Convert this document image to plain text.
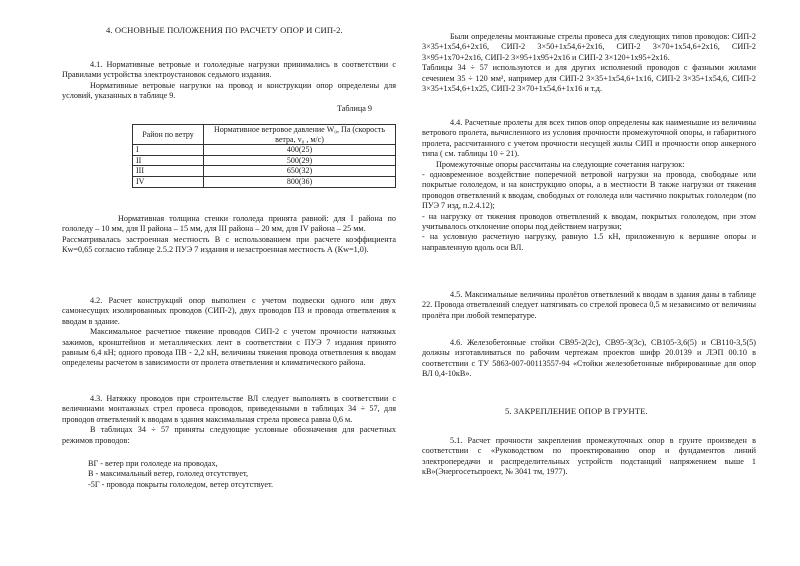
4. ОСНОВНЫЕ ПОЛОЖЕНИЯ ПО РАСЧЕТУ ОПОР И СИП-2.

4.1. Нормативные ветровые и гололедные нагрузки принимались в соответствии с Правилами устройства электроустановок седьмого издания.

Нормативные ветровые нагрузки на провод и конструкции опор определены для условий, указанных в таблице 9.

Таблица 9
Район по ветру	Нормативное ветровое давление W₀, Па (скорость ветра, v₀ , м/с)
I	400(25)
II	500(29)
III	650(32)
IV	800(36)

Нормативная толщина стенки гололеда принята равной: для I района по гололеду – 10 мм, для II района – 15 мм, для III района – 20 мм, для IV района – 25 мм.

Рассматривалась застроенная местность В с использованием при расчете коэффициента Кw=0,65 согласно таблице 2.5.2 ПУЭ 7 издания и незастроенная местность А (Кw=1,0).

4.2. Расчет конструкций опор выполнен с учетом подвески одного или двух самонесущих изолированных проводов (СИП-2), двух проводов ПЗ и провода ответвления к вводам в здание.

Максимальное расчетное тяжение проводов СИП-2 с учетом прочности натяжных зажимов, кронштейнов и металлических лент в соответствии с ПУЭ 7 издания принято равным 6,4 кН; одного провода ПВ - 2,2 кН, величины тяжения провода ответвления к вводам определены расчетом в зависимости от пролета ответвления и климатического района.

4.3. Натяжку проводов при строительстве ВЛ следует выполнять в соответствии с величинами монтажных стрел провеса проводов, приведенными в таблицах 34 ÷ 57, для проводов ответвлений к вводам в здания максимальная стрела провеса равна 0,6 м.

В таблицах 34 ÷ 57 приняты следующие условные обозначения для расчетных режимов проводов:

ВГ - ветер при гололеде на проводах,
В - максимальный ветер, гололед отсутствует,
-5Г - провода покрыты гололедом, ветер отсутствует.

Были определены монтажные стрелы провеса для следующих типов проводов: СИП-2 3×35+1х54,6+2х16, СИП-2 3×50+1х54,6+2х16, СИП-2 3×70+1х54,6+2х16, СИП-2 3×95+1х70+2х16, СИП-2 3×95+1х95+2х16 и СИП-2 3×120+1х95+2х16.

Таблицы 34 ÷ 57 используются и для других исполнений проводов с фазными жилами сечением 35 ÷ 120 мм², например для СИП-2 3×35+1х54,6+1х16, СИП-2 3×35+1х54,6, СИП-2 3×35+1х54,6+1х25, СИП-2 3×70+1х54,6+1х16 и т.д.

4.4. Расчетные пролеты для всех типов опор определены как наименьшие из величины ветрового пролета, вычисленного из условия прочности промежуточной опоры, и габаритного пролета, рассчитанного с учетом прочности несущей жилы СИП и прочности опор анкерного типа ( см. таблицы 10 ÷ 21).

Промежуточные опоры рассчитаны на следующие сочетания нагрузок:

- одновременное воздействие поперечной ветровой нагрузки на провода, свободные или покрытые гололедом, и на конструкцию опоры, а в местности В также нагрузки от тяжения проводов ответвлений к вводам, свободных от гололеда или частично покрытых гололедом (по ПУЭ 7 изд, п.2.4.12);

- на нагрузку от тяжения проводов ответвлений к вводам, покрытых гололедом, при этом учитывалось отклонение опоры под действием нагрузки;

- на условную расчетную нагрузку, равную 1.5 кН, приложенную к вершине опоры и направленную вдоль оси ВЛ.

4.5. Максимальные величины пролётов ответвлений к вводам в здания даны в таблице 22. Провода ответвлений следует натягивать со стрелой провеса 0,5 м независимо от величины пролёта при любой температуре.

4.6. Железобетонные стойки СВ95-2(2с), СВ95-3(3с), СВ105-3,6(5) и СВ110-3,5(5) должны изготавливаться по рабочим чертежам проектов шифр 20.0139 и ЛЭП 00.10 в соответствии с ТУ 5863-007-00113557-94 «Стойки железобетонные вибрированные для опор ВЛ 0,4-10кВ».

5. ЗАКРЕПЛЕНИЕ ОПОР В ГРУНТЕ.

5.1. Расчет прочности закрепления промежуточных опор в грунте произведен в соответствии с «Руководством по проектированию опор и фундаментов линий электропередачи и распределительных устройств подстанций напряжением выше 1 кВ»(Энергосетьпроект, № 3041 тм, 1977).
